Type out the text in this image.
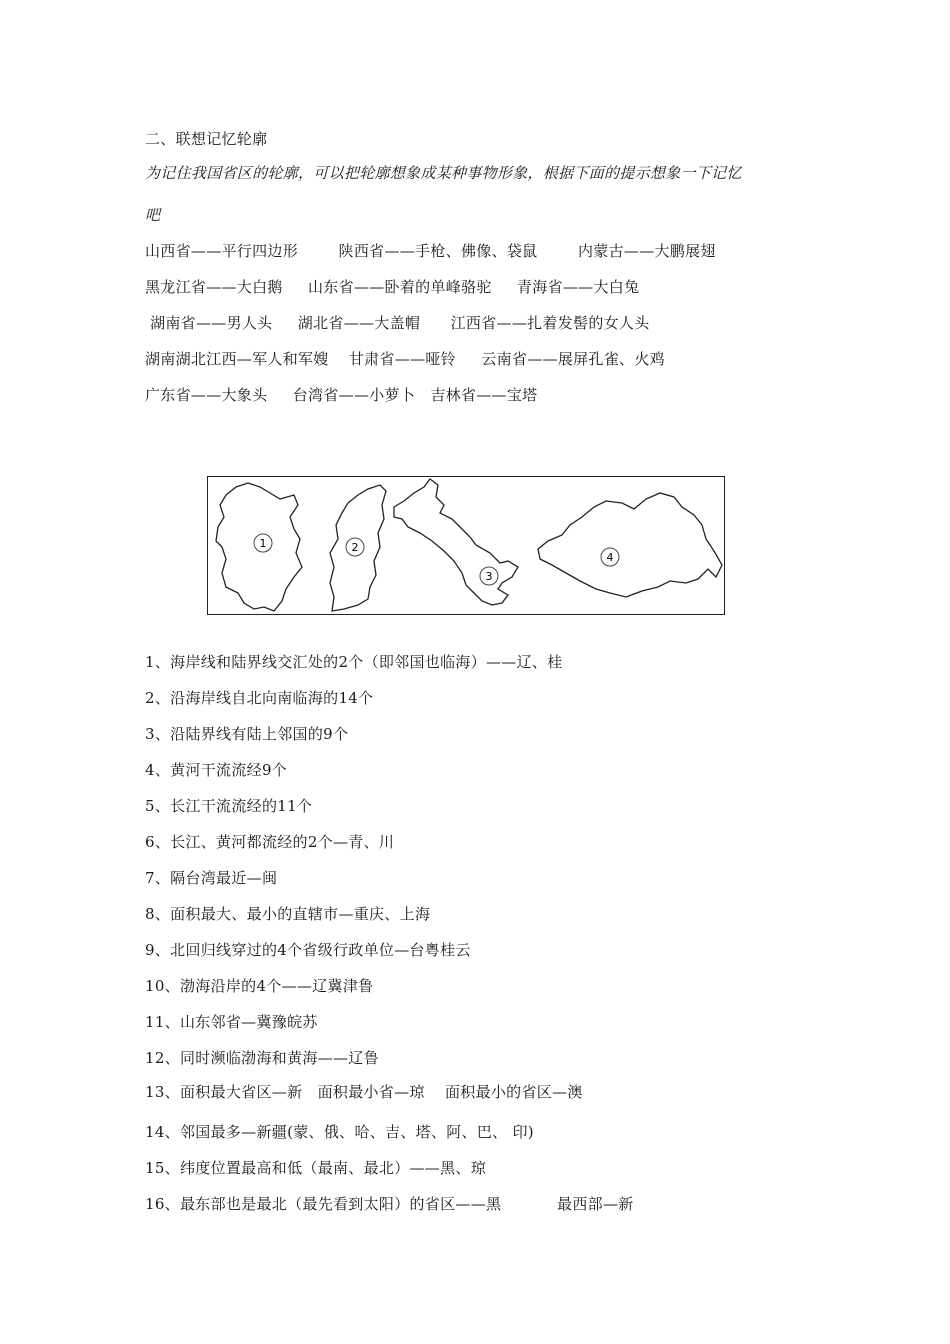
二、联想记忆轮廓
为记住我国省区的轮廓，可以把轮廓想象成某种事物形象，根据下面的提示想象一下记忆
吧
山西省——平行四边形        陕西省——手枪、佛像、袋鼠        内蒙古——大鹏展翅
黑龙江省——大白鹅     山东省——卧着的单峰骆驼     青海省——大白兔
湖南省——男人头     湖北省——大盖帽      江西省——扎着发髻的女人头
湖南湖北江西—军人和军嫂    甘肃省——哑铃     云南省——展屏孔雀、火鸡
广东省——大象头     台湾省——小萝卜   吉林省——宝塔
1	2
3
4
1、海岸线和陆界线交汇处的2个（即邻国也临海）——辽、桂
2、沿海岸线自北向南临海的14个
3、沿陆界线有陆上邻国的9个
4、黄河干流流经9个
5、长江干流流经的11个
6、长江、黄河都流经的2个—青、川
7、隔台湾最近—闽
8、面积最大、最小的直辖市—重庆、上海
9、北回归线穿过的4个省级行政单位—台粤桂云
10、渤海沿岸的4个——辽冀津鲁
11、山东邻省—冀豫皖苏
12、同时濒临渤海和黄海——辽鲁
13、面积最大省区—新   面积最小省—琼    面积最小的省区—澳
14、邻国最多—新疆(蒙、俄、哈、吉、塔、阿、巴、 印)
15、纬度位置最高和低（最南、最北）——黑、琼
16、最东部也是最北（最先看到太阳）的省区——黑           最西部—新
